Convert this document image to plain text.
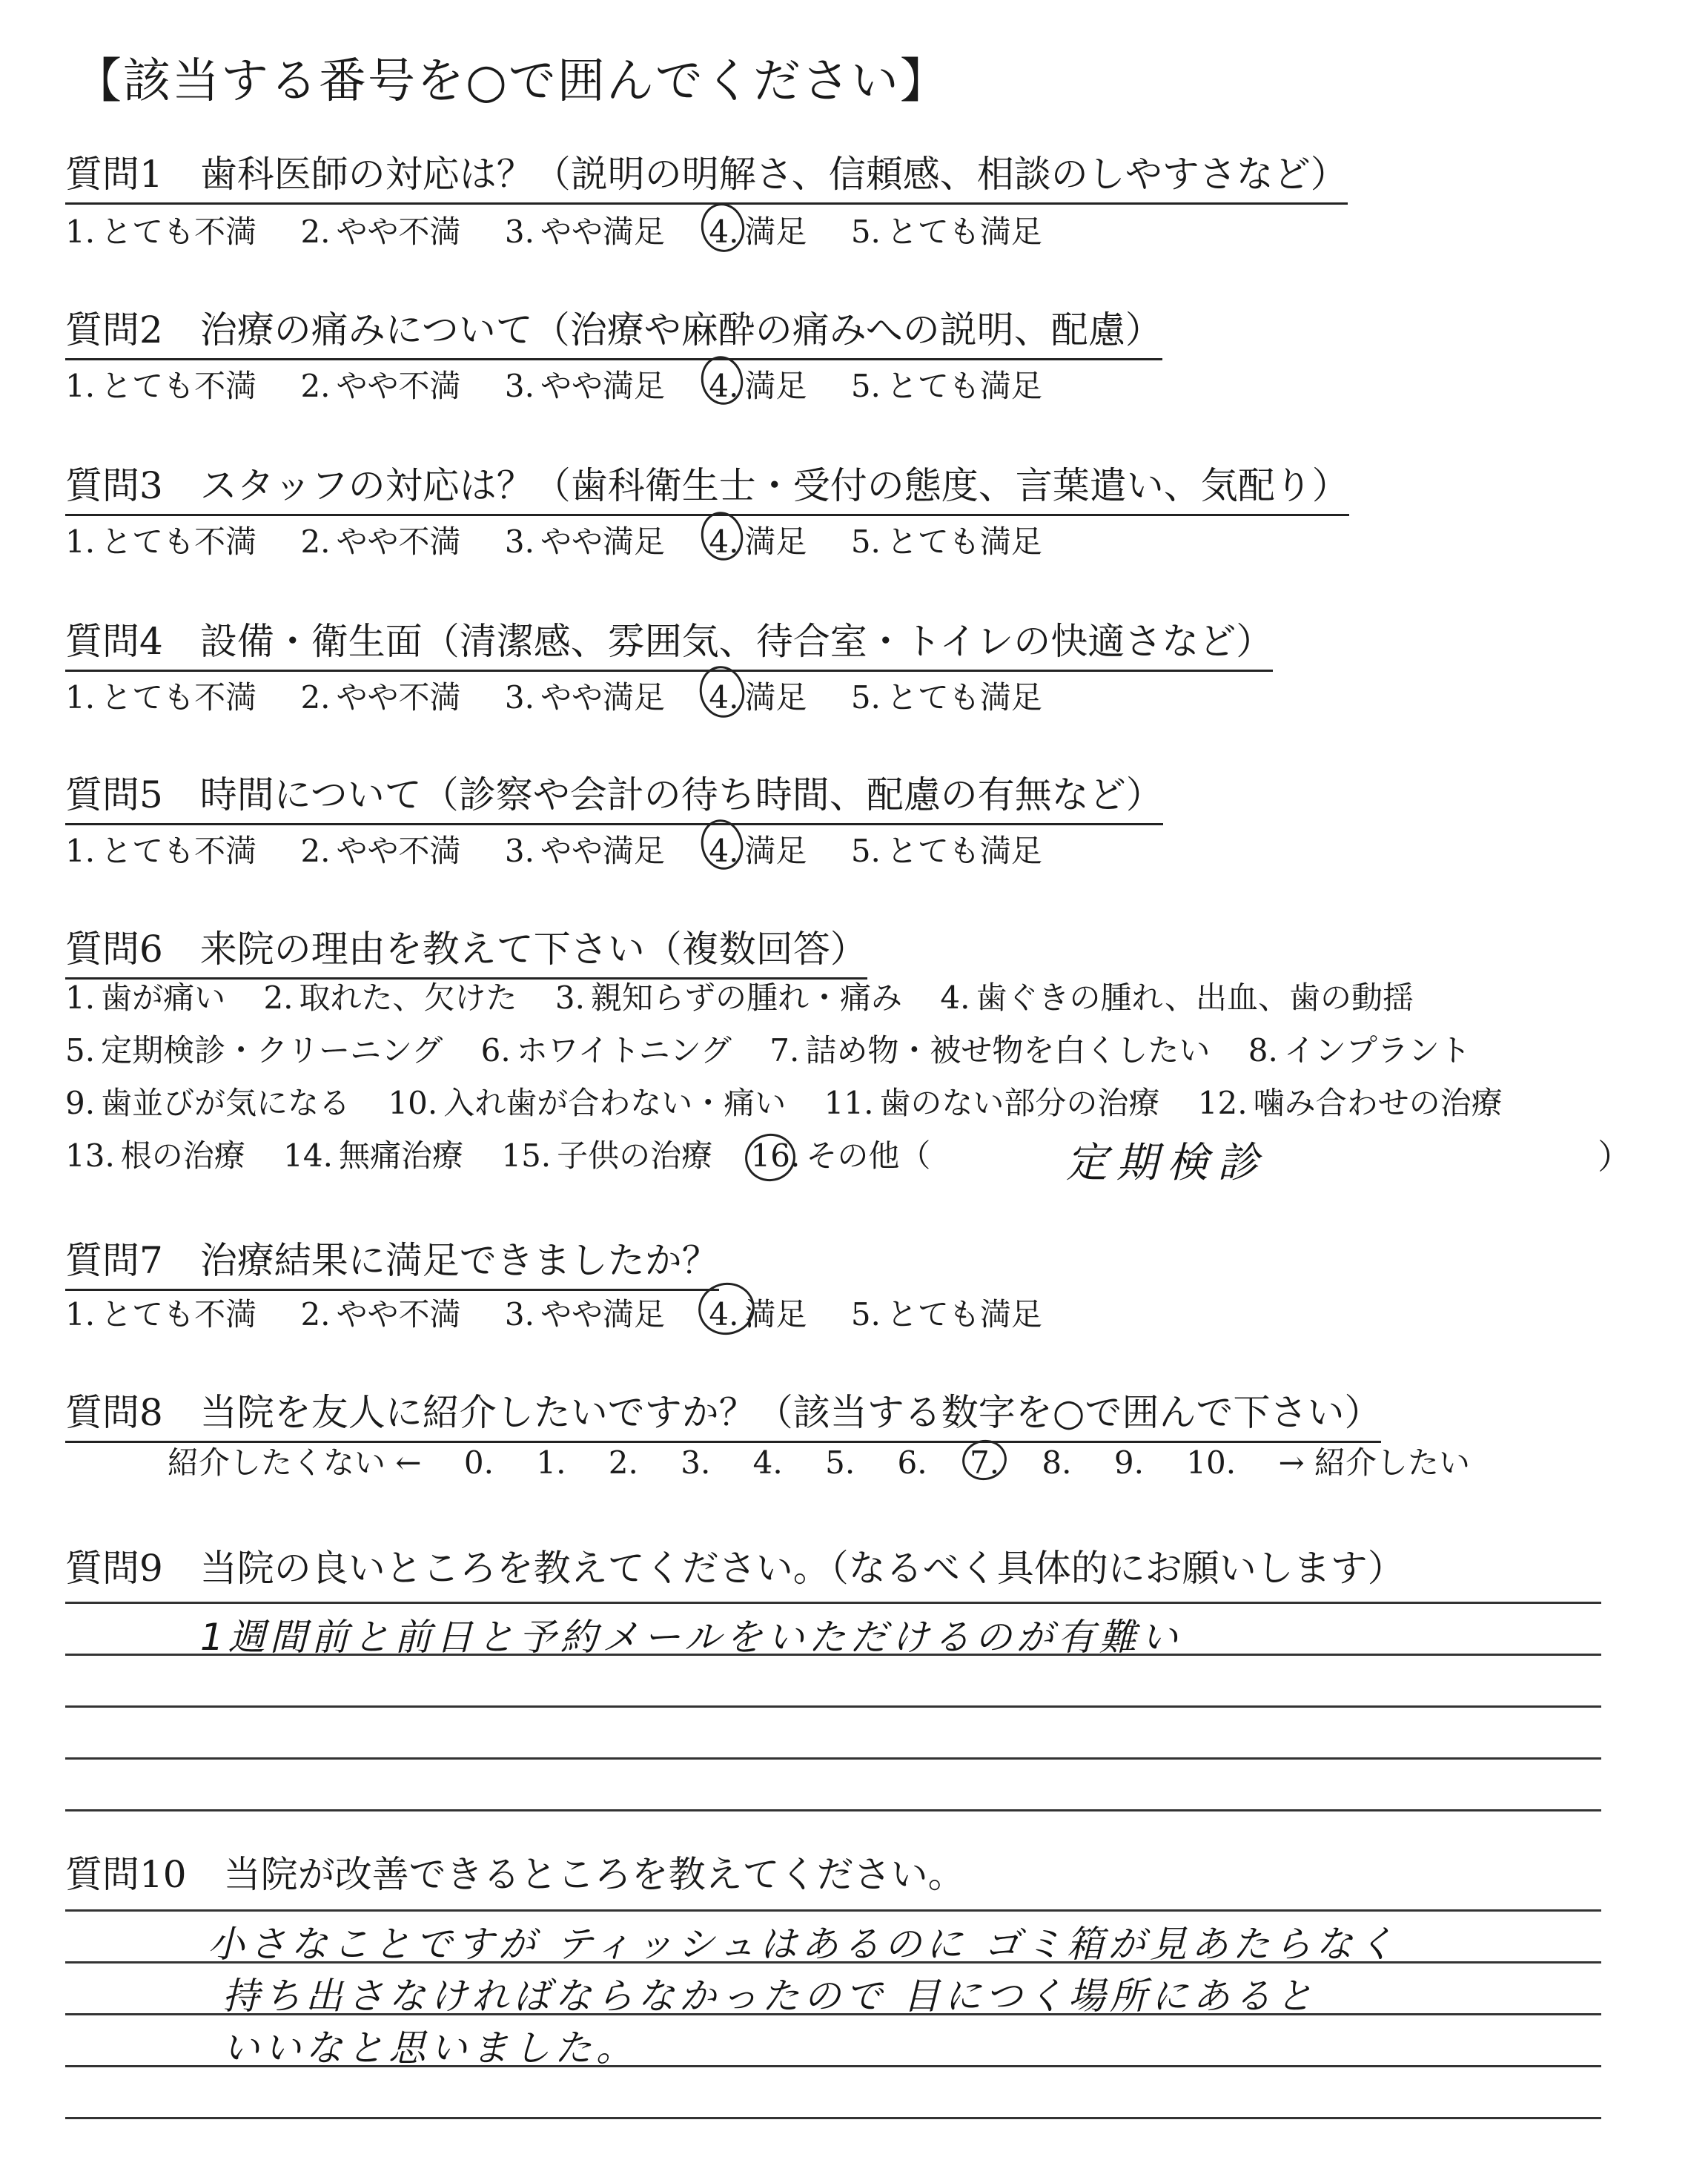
【該当する番号を○で囲んでください】
質問1　歯科医師の対応は？（説明の明解さ、信頼感、相談のしやすさなど）
1. とても不満 2. やや不満 3. やや満足 4. 満足 5. とても満足
質問2　治療の痛みについて（治療や麻酔の痛みへの説明、配慮）
1. とても不満 2. やや不満 3. やや満足 4. 満足 5. とても満足
質問3　スタッフの対応は？（歯科衛生士・受付の態度、言葉遣い、気配り）
1. とても不満 2. やや不満 3. やや満足 4. 満足 5. とても満足
質問4　設備・衛生面（清潔感、雰囲気、待合室・トイレの快適さなど）
1. とても不満 2. やや不満 3. やや満足 4. 満足 5. とても満足
質問5　時間について（診察や会計の待ち時間、配慮の有無など）
1. とても不満 2. やや不満 3. やや満足 4. 満足 5. とても満足
質問6　来院の理由を教えて下さい（複数回答）
1. 歯が痛い 2. 取れた、欠けた 3. 親知らずの腫れ・痛み 4. 歯ぐきの腫れ、出血、歯の動揺
5. 定期検診・クリーニング 6. ホワイトニング 7. 詰め物・被せ物を白くしたい 8. インプラント
9. 歯並びが気になる 10. 入れ歯が合わない・痛い 11. 歯のない部分の治療 12. 噛み合わせの治療
13. 根の治療 14. 無痛治療 15. 子供の治療 16. その他（	定期検診	）
質問7　治療結果に満足できましたか？
1. とても不満 2. やや不満 3. やや満足 4. 満足 5. とても満足
質問8　当院を友人に紹介したいですか？（該当する数字を○で囲んで下さい）
紹介したくない ← 0. 1. 2. 3. 4. 5. 6. 7. 8. 9. 10. → 紹介したい
質問9　当院の良いところを教えてください。（なるべく具体的にお願いします）
1週間前と前日と予約メールをいただけるのが有難い
質問10　当院が改善できるところを教えてください。
小さなことですが ティッシュはあるのに ゴミ箱が見あたらなく
持ち出さなければならなかったので 目につく場所にあると
いいなと思いました。
